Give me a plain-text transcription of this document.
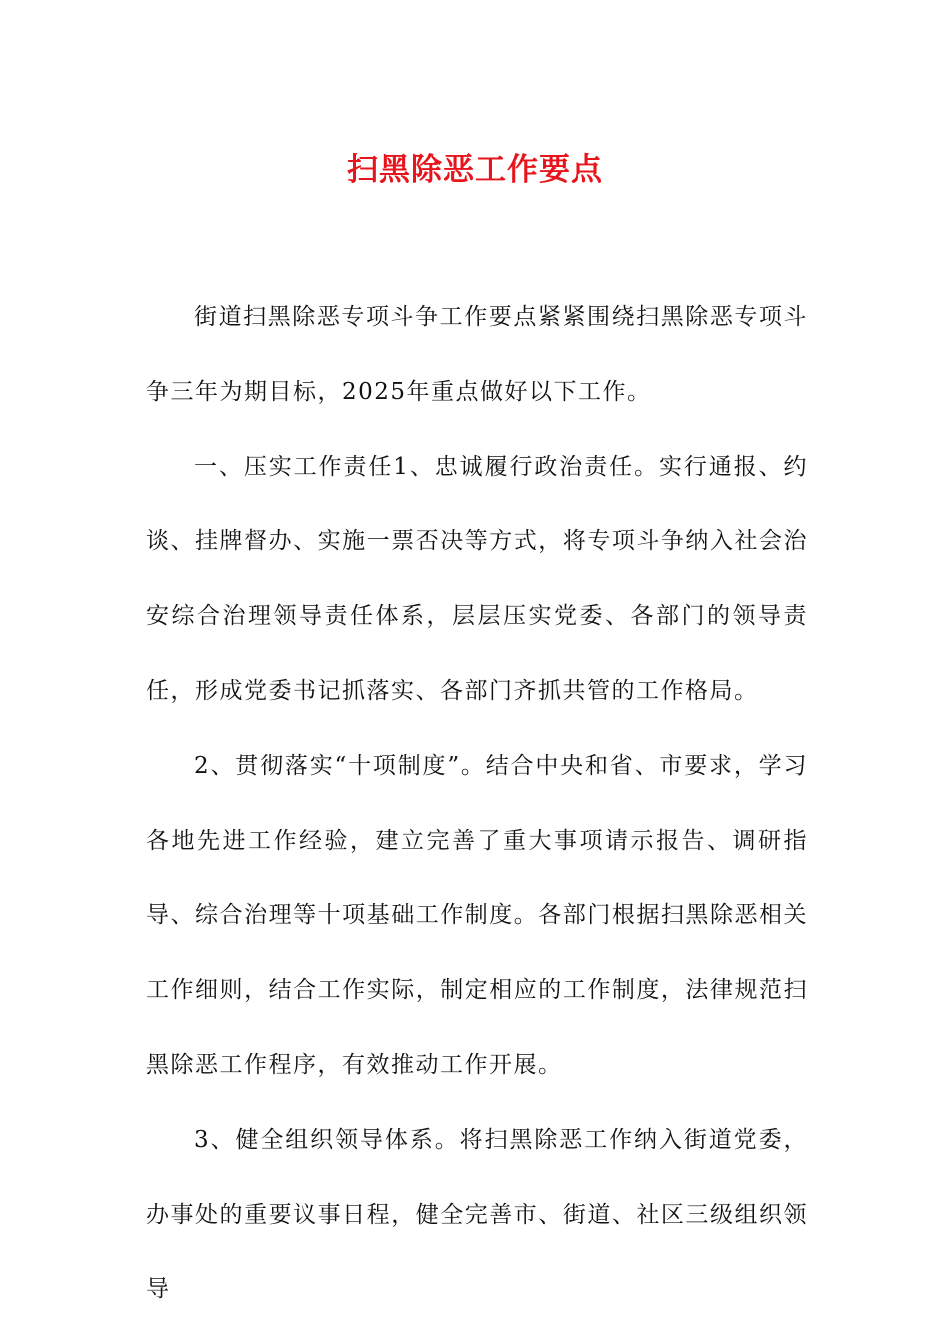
扫黑除恶工作要点

街道扫黑除恶专项斗争工作要点紧紧围绕扫黑除恶专项斗争三年为期目标，2025年重点做好以下工作。

一、压实工作责任1、忠诚履行政治责任。实行通报、约谈、挂牌督办、实施一票否决等方式，将专项斗争纳入社会治安综合治理领导责任体系，层层压实党委、各部门的领导责任，形成党委书记抓落实、各部门齐抓共管的工作格局。

2、贯彻落实“十项制度”。结合中央和省、市要求，学习各地先进工作经验，建立完善了重大事项请示报告、调研指导、综合治理等十项基础工作制度。各部门根据扫黑除恶相关工作细则，结合工作实际，制定相应的工作制度，法律规范扫黑除恶工作程序，有效推动工作开展。

3、健全组织领导体系。将扫黑除恶工作纳入街道党委，办事处的重要议事日程，健全完善市、街道、社区三级组织领导
